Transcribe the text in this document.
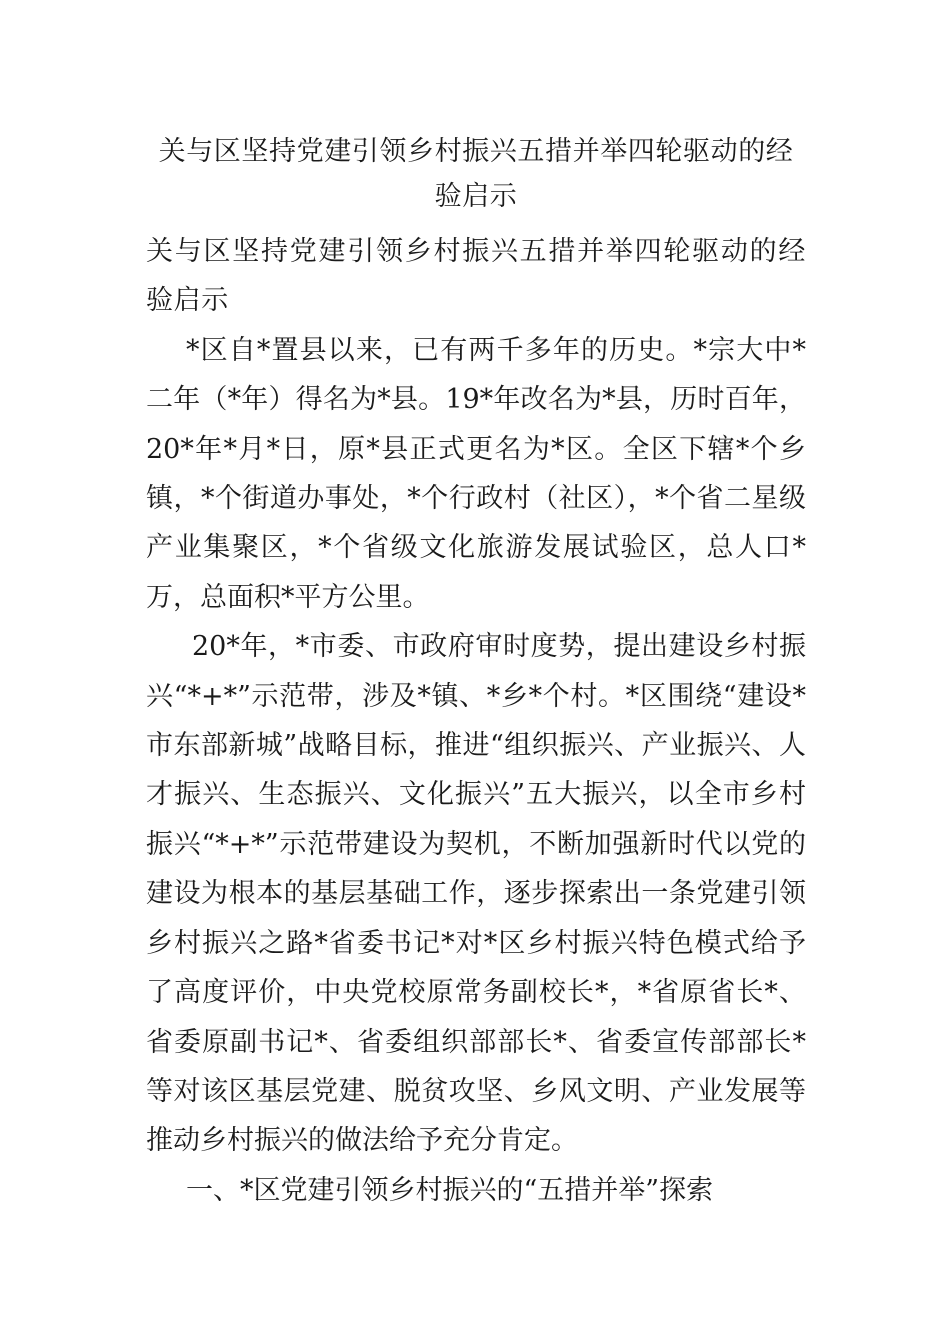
关与区坚持党建引领乡村振兴五措并举四轮驱动的经验启示

关与区坚持党建引领乡村振兴五措并举四轮驱动的经验启示

*区自*置县以来，已有两千多年的历史。*宗大中*二年（*年）得名为*县。19*年改名为*县，历时百年，20*年*月*日，原*县正式更名为*区。全区下辖*个乡镇，*个街道办事处，*个行政村（社区），*个省二星级产业集聚区，*个省级文化旅游发展试验区，总人口*万，总面积*平方公里。

20*年，*市委、市政府审时度势，提出建设乡村振兴“*+*”示范带，涉及*镇、*乡*个村。*区围绕“建设*市东部新城”战略目标，推进“组织振兴、产业振兴、人才振兴、生态振兴、文化振兴”五大振兴，以全市乡村振兴“*+*”示范带建设为契机，不断加强新时代以党的建设为根本的基层基础工作，逐步探索出一条党建引领乡村振兴之路*省委书记*对*区乡村振兴特色模式给予了高度评价，中央党校原常务副校长*，*省原省长*、省委原副书记*、省委组织部部长*、省委宣传部部长*等对该区基层党建、脱贫攻坚、乡风文明、产业发展等推动乡村振兴的做法给予充分肯定。

一、*区党建引领乡村振兴的“五措并举”探索
